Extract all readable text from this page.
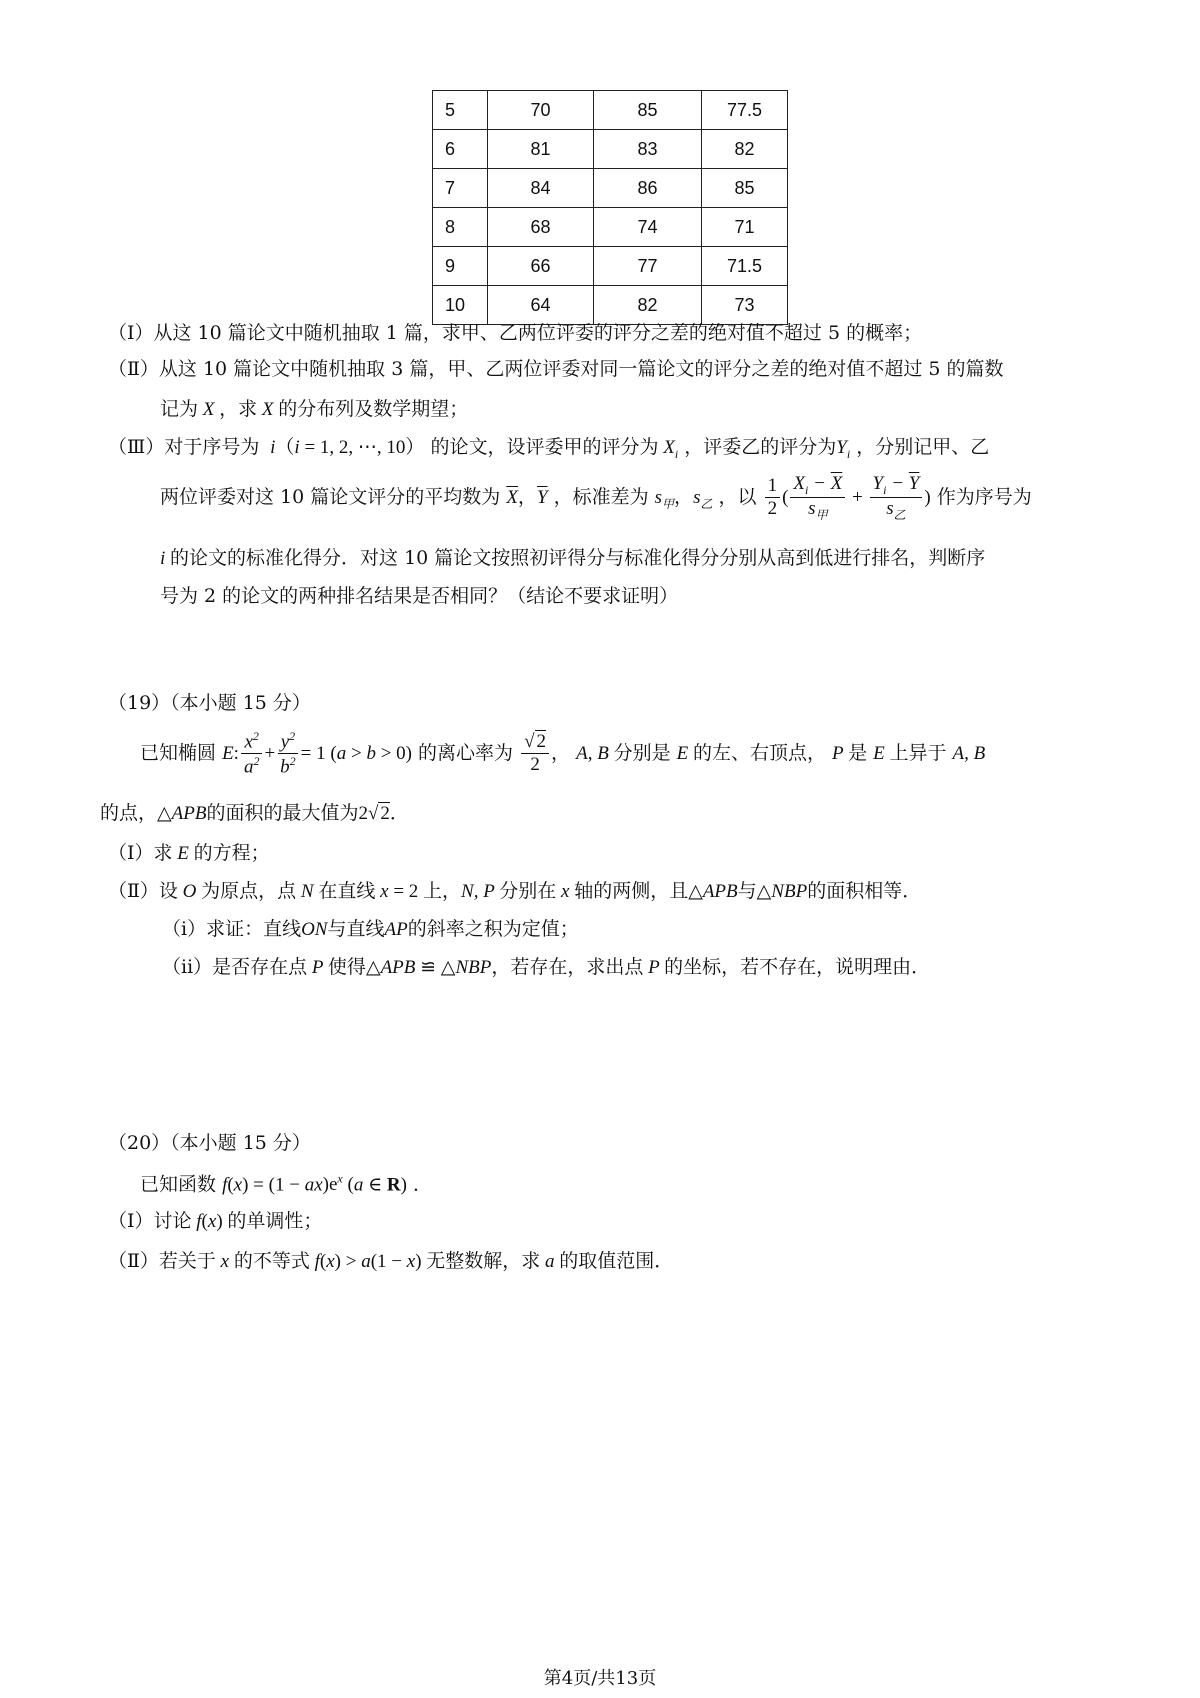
5	70	85	77.5
6	81	83	82
7	84	86	85
8	68	74	71
9	66	77	71.5
10	64	82	73
（Ⅰ）从这 10 篇论文中随机抽取 1 篇，求甲、乙两位评委的评分之差的绝对值不超过 5 的概率；
（Ⅱ）从这 10 篇论文中随机抽取 3 篇，甲、乙两位评委对同一篇论文的评分之差的绝对值不超过 5 的篇数
记为 X ，求 X 的分布列及数学期望；
（Ⅲ）对于序号为  i（i = 1, 2, ⋯, 10） 的论文，设评委甲的评分为 $X_i$ ，评委乙的评分为$Y_i$ ，分别记甲、乙
两位评委对这 10 篇论文评分的平均数为 $\overline{X}$，$\overline{Y}$ ，标准差为 $s_甲$，$s_乙$ ，以 $\frac{1}{2}$ ( $\frac{X_i - \overline{X}}{s_甲} + \frac{Y_i - \overline{Y}}{s_乙}$ ) 作为序号为
i 的论文的标准化得分．对这 10 篇论文按照初评得分与标准化得分分别从高到低进行排名，判断序
号为 2 的论文的两种排名结果是否相同？（结论不要求证明）
（19）（本小题 15 分）
已知椭圆 E: $\frac{x^2}{a^2} + \frac{y^2}{b^2} = 1$ (a > b > 0) 的离心率为 $\frac{√ 2}{2}$ ， A, B 分别是 E 的左、右顶点， P 是 E 上异于 A, B
的点，△APB的面积的最大值为2√ 2．
（Ⅰ）求 E 的方程；
（Ⅱ）设 O 为原点，点 N 在直线 x = 2 上，N, P 分别在 x 轴的两侧，且△APB与△NBP的面积相等．
（ⅰ）求证：直线ON与直线AP的斜率之积为定值；
（ⅱ）是否存在点 P 使得△APB ≌ △NBP，若存在，求出点 P 的坐标，若不存在，说明理由．
（20）（本小题 15 分）
已知函数 $f(x) = (1 - ax)e^x$ (a ∈ R) ．
（Ⅰ）讨论 f(x) 的单调性；
（Ⅱ）若关于 x 的不等式 f(x) > a(1 − x) 无整数解，求 a 的取值范围．
第4页/共13页
